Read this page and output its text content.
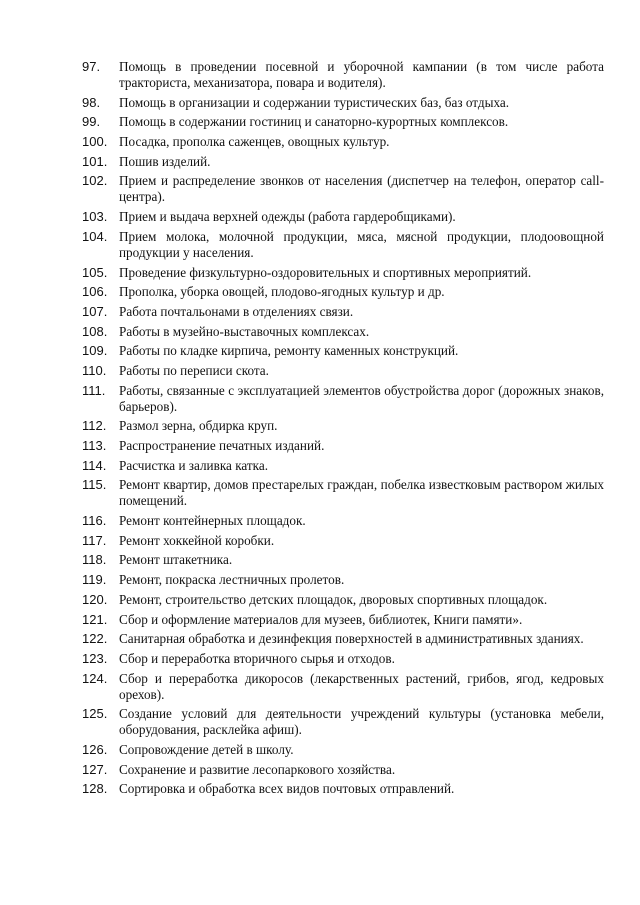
97.	Помощь в проведении посевной и уборочной кампании (в том числе работа тракториста, механизатора, повара и водителя).
98.	Помощь в организации и содержании туристических баз, баз отдыха.
99.	Помощь в содержании гостиниц и санаторно-курортных комплексов.
100. Посадка, прополка саженцев, овощных культур.
101. Пошив изделий.
102. Прием и распределение звонков от населения (диспетчер на телефон, оператор call-центра).
103. Прием и выдача верхней одежды (работа гардеробщиками).
104. Прием молока, молочной продукции, мяса, мясной продукции, плодоовощной продукции у населения.
105. Проведение физкультурно-оздоровительных и спортивных мероприятий.
106. Прополка, уборка овощей, плодово-ягодных культур и др.
107. Работа почтальонами в отделениях связи.
108. Работы в музейно-выставочных комплексах.
109. Работы по кладке кирпича, ремонту каменных конструкций.
110. Работы по переписи скота.
111.	Работы, связанные с эксплуатацией элементов обустройства дорог (дорожных знаков, барьеров).
112. Размол зерна, обдирка круп.
113. Распространение печатных изданий.
114. Расчистка и заливка катка.
115. Ремонт квартир, домов престарелых граждан, побелка известковым раствором жилых помещений.
116. Ремонт контейнерных площадок.
117. Ремонт хоккейной коробки.
118. Ремонт штакетника.
119. Ремонт, покраска лестничных пролетов.
120. Ремонт, строительство детских площадок, дворовых спортивных площадок.
121. Сбор и оформление материалов для музеев, библиотек, Книги памяти».
122. Санитарная обработка и дезинфекция поверхностей в административных зданиях.
123. Сбор и переработка вторичного сырья и отходов.
124. Сбор и переработка дикоросов (лекарственных растений, грибов, ягод, кедровых орехов).
125. Создание условий для деятельности учреждений культуры (установка мебели, оборудования, расклейка афиш).
126. Сопровождение детей в школу.
127. Сохранение и развитие лесопаркового хозяйства.
128. Сортировка и обработка всех видов почтовых отправлений.
